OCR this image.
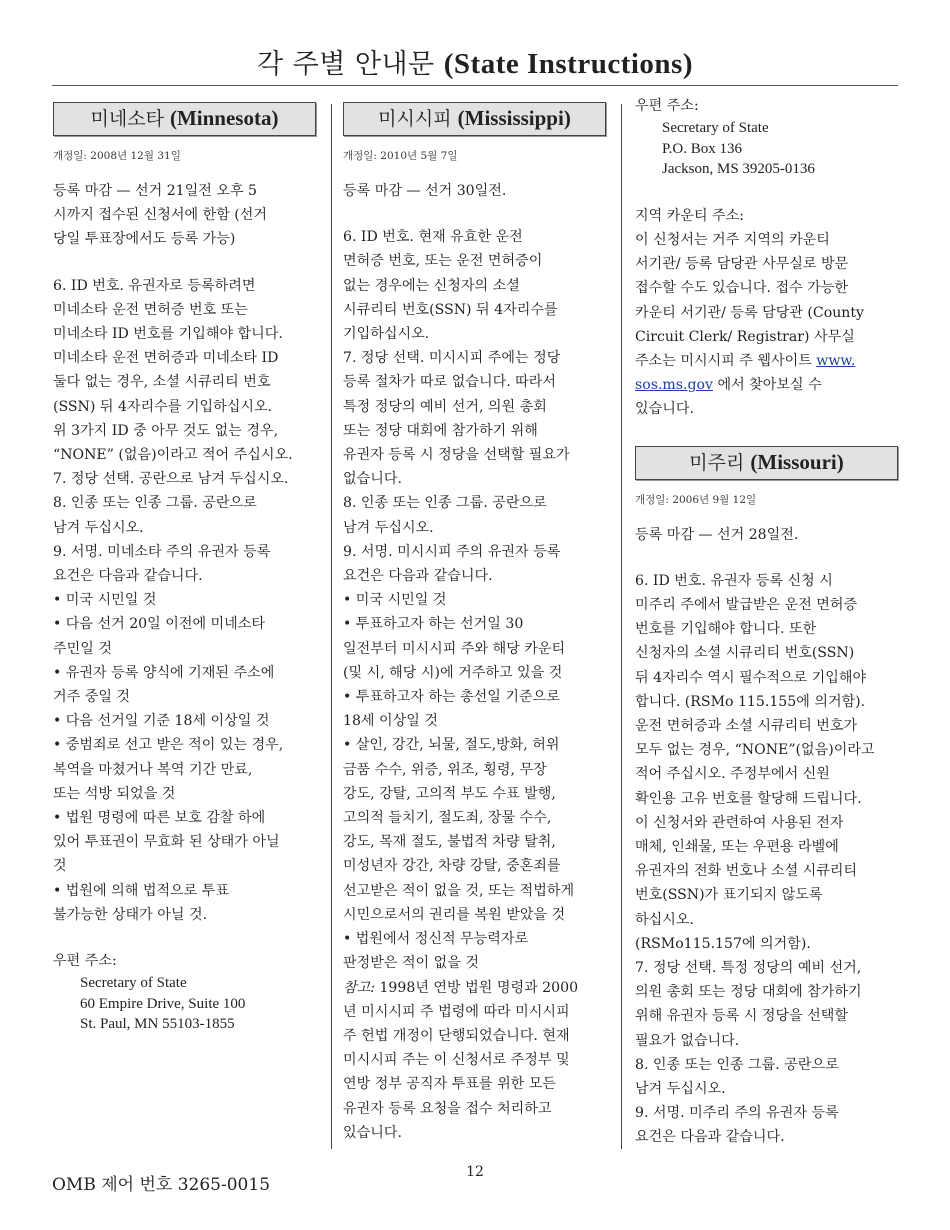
각 주별 안내문 (State Instructions)
미네소타 (Minnesota)
개정일: 2008년 12월 31일
등록 마감 — 선거 21일전 오후 5
시까지 접수된 신청서에 한함 (선거
당일 투표장에서도 등록 가능)
6. ID 번호. 유권자로 등록하려면
미네소타 운전 면허증 번호 또는
미네소타 ID 번호를 기입해야 합니다.
미네소타 운전 면허증과 미네소타 ID
둘다 없는 경우, 소셜 시큐리티 번호
(SSN) 뒤 4자리수를 기입하십시오.
위 3가지 ID 중 아무 것도 없는 경우,
“NONE” (없음)이라고 적어 주십시오.
7. 정당 선택. 공란으로 남겨 두십시오.
8. 인종 또는 인종 그룹. 공란으로
남겨 두십시오.
9. 서명. 미네소타 주의 유권자 등록
요건은 다음과 같습니다.
• 미국 시민일 것
• 다음 선거 20일 이전에 미네소타
주민일 것
• 유권자 등록 양식에 기재된 주소에
거주 중일 것
• 다음 선거일 기준 18세 이상일 것
• 중범죄로 선고 받은 적이 있는 경우,
복역을 마쳤거나 복역 기간 만료,
또는 석방 되었을 것
• 법원 명령에 따른 보호 감찰 하에
있어 투표권이 무효화 된 상태가 아닐
것
• 법원에 의해 법적으로 투표
불가능한 상태가 아닐 것.
우편 주소:
Secretary of State
60 Empire Drive, Suite 100
St. Paul, MN 55103-1855
미시시피 (Mississippi)
개정일: 2010년 5월 7일
등록 마감 — 선거 30일전.
6. ID 번호. 현재 유효한 운전
면허증 번호, 또는 운전 면허증이
없는 경우에는 신청자의 소셜
시큐리티 번호(SSN) 뒤 4자리수를
기입하십시오.
7. 정당 선택. 미시시피 주에는 정당
등록 절차가 따로 없습니다. 따라서
특정 정당의 예비 선거, 의원 총회
또는 정당 대회에 참가하기 위해
유권자 등록 시 정당을 선택할 필요가
없습니다.
8. 인종 또는 인종 그룹. 공란으로
남겨 두십시오.
9. 서명. 미시시피 주의 유권자 등록
요건은 다음과 같습니다.
• 미국 시민일 것
• 투표하고자 하는 선거일 30
일전부터 미시시피 주와 해당 카운티
(및 시, 해당 시)에 거주하고 있을 것
• 투표하고자 하는 총선일 기준으로
18세 이상일 것
• 살인, 강간, 뇌물, 절도,방화, 허위
금품 수수, 위증, 위조, 횡령, 무장
강도, 강탈, 고의적 부도 수표 발행,
고의적 들치기, 절도죄, 장물 수수,
강도, 목재 절도, 불법적 차량 탈취,
미성년자 강간, 차량 강탈, 중혼죄를
선고받은 적이 없을 것, 또는 적법하게
시민으로서의 권리를 복원 받았을 것
• 법원에서 정신적 무능력자로
판정받은 적이 없을 것
참고: 1998년 연방 법원 명령과 2000
년 미시시피 주 법령에 따라 미시시피
주 헌법 개정이 단행되었습니다. 현재
미시시피 주는 이 신청서로 주정부 및
연방 정부 공직자 투표를 위한 모든
유권자 등록 요청을 접수 처리하고
있습니다.
우편 주소:
Secretary of State
P.O. Box 136
Jackson, MS 39205-0136
지역 카운티 주소:
이 신청서는 거주 지역의 카운티
서기관/ 등록 담당관 사무실로 방문
접수할 수도 있습니다. 접수 가능한
카운티 서기관/ 등록 담당관 (County
Circuit Clerk/ Registrar) 사무실
주소는 미시시피 주 웹사이트 www.
sos.ms.gov 에서 찾아보실 수
있습니다.
미주리 (Missouri)
개정일: 2006년 9월 12일
등록 마감 — 선거 28일전.
6. ID 번호. 유권자 등록 신청 시
미주리 주에서 발급받은 운전 면허증
번호를 기입해야 합니다. 또한
신청자의 소셜 시큐리티 번호(SSN)
뒤 4자리수 역시 필수적으로 기입해야
합니다. (RSMo 115.155에 의거함).
운전 면허증과 소셜 시큐리티 번호가
모두 없는 경우, “NONE”(없음)이라고
적어 주십시오. 주정부에서 신원
확인용 고유 번호를 할당해 드립니다.
이 신청서와 관련하여 사용된 전자
매체, 인쇄물, 또는 우편용 라벨에
유권자의 전화 번호나 소셜 시큐리티
번호(SSN)가 표기되지 않도록
하십시오.
(RSMo115.157에 의거함).
7. 정당 선택. 특정 정당의 예비 선거,
의원 총회 또는 정당 대회에 참가하기
위해 유권자 등록 시 정당을 선택할
필요가 없습니다.
8. 인종 또는 인종 그룹. 공란으로
남겨 두십시오.
9. 서명. 미주리 주의 유권자 등록
요건은 다음과 같습니다.
OMB 제어 번호 3265-0015
12
